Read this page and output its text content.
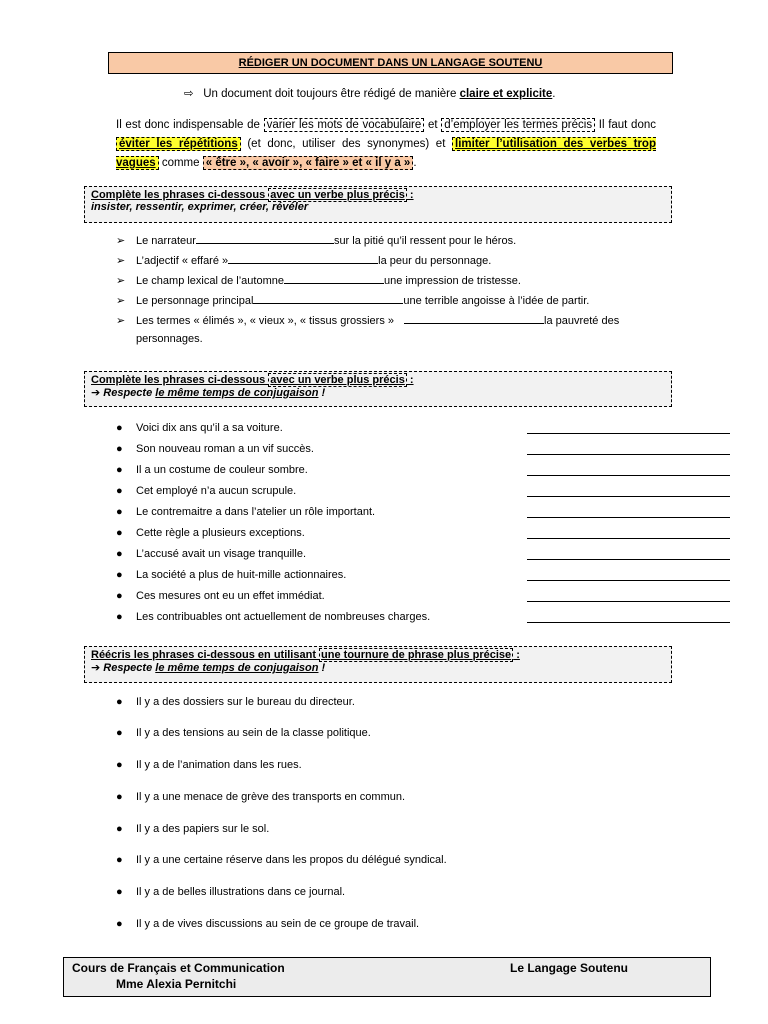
RÉDIGER UN DOCUMENT DANS UN LANGAGE SOUTENU
⇨ Un document doit toujours être rédigé de manière claire et explicite.
Il est donc indispensable de varier les mots de vocabulaire et d’employer les termes précis Il faut donc éviter les répétitions (et donc, utiliser des synonymes) et limiter l’utilisation des verbes trop vagues comme « être », « avoir », « faire » et « il y a » .
Complète les phrases ci-dessous avec un verbe plus précis :
insister, ressentir, exprimer, créer, révéler
➢ Le narrateur	sur la pitié qu’il ressent pour le héros.
➢ L’adjectif « effaré »	la peur du personnage.
➢ Le champ lexical de l’automne	une impression de tristesse.
➢ Le personnage principal	une terrible angoisse à l’idée de partir.
➢ Les termes « élimés », « vieux », « tissus grossiers »	la pauvreté des
personnages.
Complète les phrases ci-dessous avec un verbe plus précis :
➔ Respecte le même temps de conjugaison !
● Voici dix ans qu’il a sa voiture.
● Son nouveau roman a un vif succès.
● Il a un costume de couleur sombre.
● Cet employé n’a aucun scrupule.
● Le contremaitre a dans l’atelier un rôle important.
● Cette règle a plusieurs exceptions.
● L’accusé avait un visage tranquille.
● La société a plus de huit-mille actionnaires.
● Ces mesures ont eu un effet immédiat.
● Les contribuables ont actuellement de nombreuses charges.
Réécris les phrases ci-dessous en utilisant une tournure de phrase plus précise :
➔ Respecte le même temps de conjugaison !
● Il y a des dossiers sur le bureau du directeur.
● Il y a des tensions au sein de la classe politique.
● Il y a de l’animation dans les rues.
● Il y a une menace de grève des transports en commun.
● Il y a des papiers sur le sol.
● Il y a une certaine réserve dans les propos du délégué syndical.
● Il y a de belles illustrations dans ce journal.
● Il y a de vives discussions au sein de ce groupe de travail.
Cours de Français et Communication
Mme Alexia Pernitchi
Le Langage Soutenu
